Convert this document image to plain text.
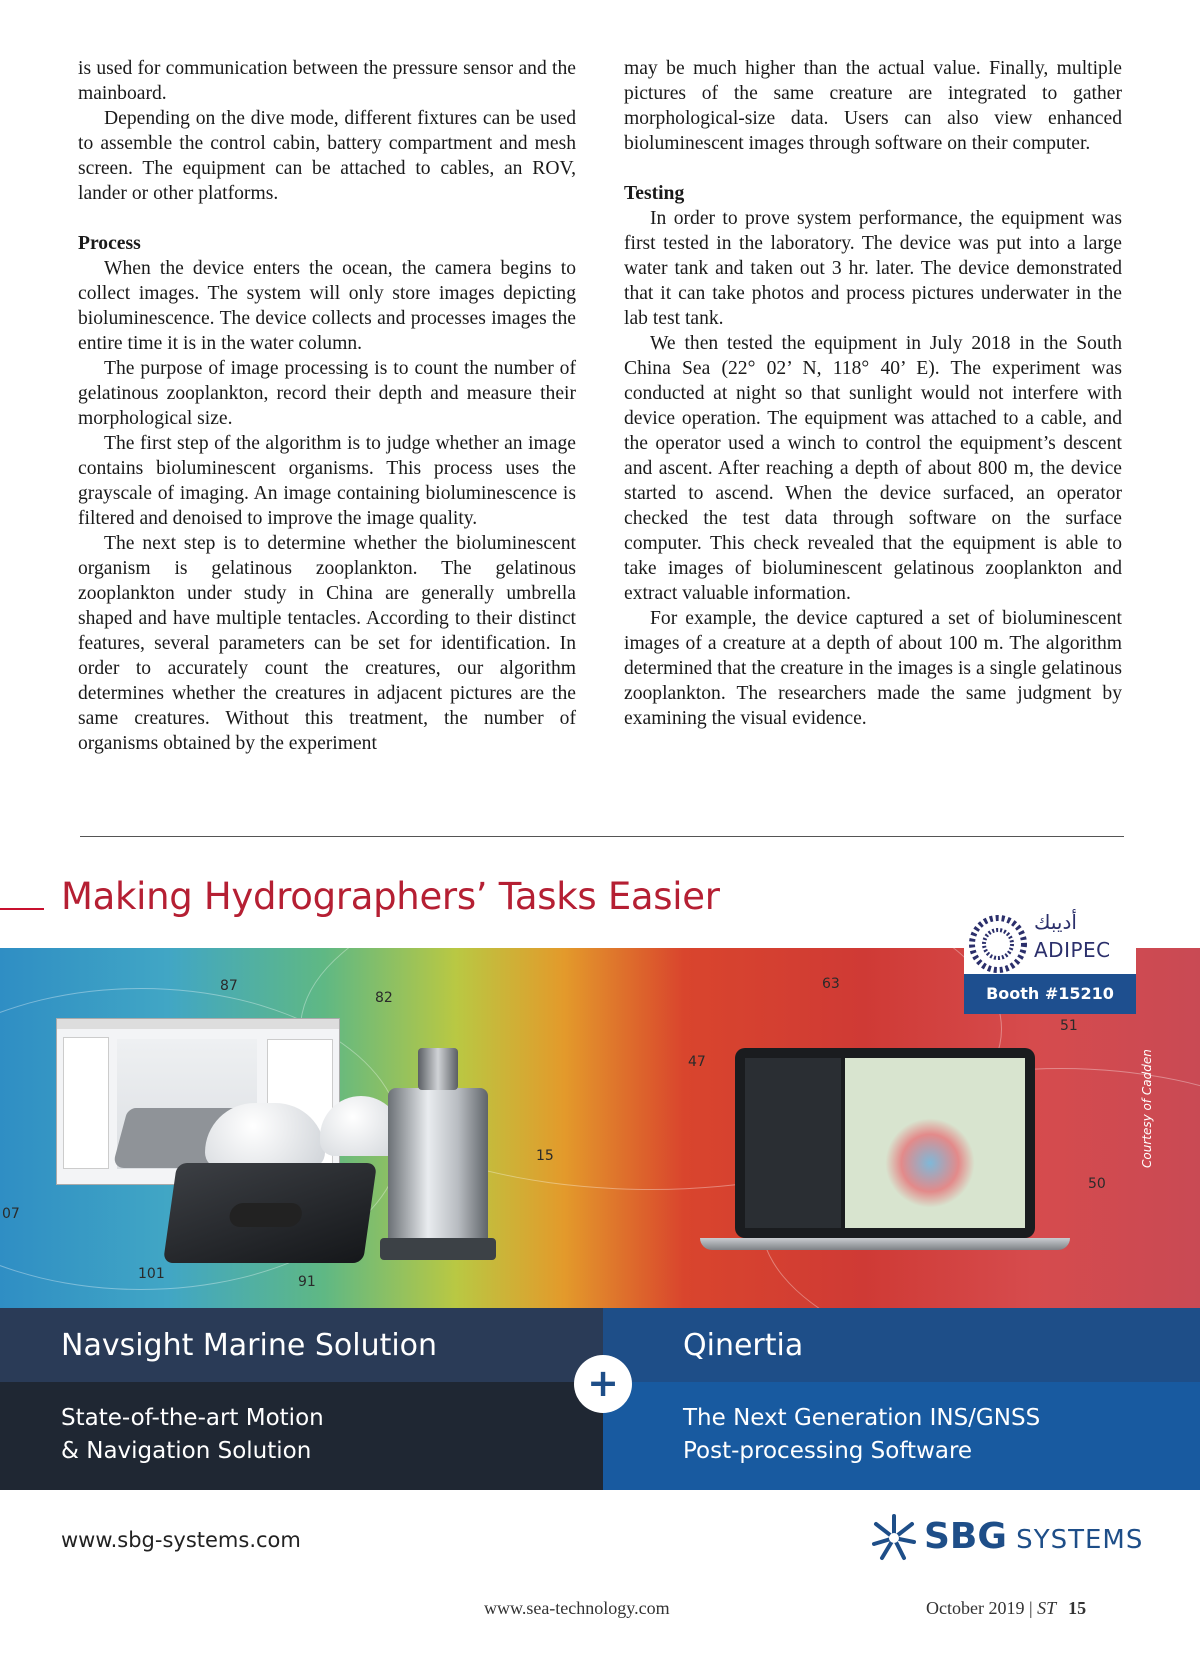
is used for communication between the pressure sensor and the mainboard.

Depending on the dive mode, different fixtures can be used to assemble the control cabin, battery compartment and mesh screen. The equipment can be attached to cables, an ROV, lander or other platforms.

Process

When the device enters the ocean, the camera begins to collect images. The system will only store images depicting bioluminescence. The device collects and processes images the entire time it is in the water column.

The purpose of image processing is to count the number of gelatinous zooplankton, record their depth and measure their morphological size.

The first step of the algorithm is to judge whether an image contains bioluminescent organisms. This process uses the grayscale of imaging. An image containing bioluminescence is filtered and denoised to improve the image quality.

The next step is to determine whether the bioluminescent organism is gelatinous zooplankton. The gelatinous zooplankton under study in China are generally umbrella shaped and have multiple tentacles. According to their distinct features, several parameters can be set for identification. In order to accurately count the creatures, our algorithm determines whether the creatures in adjacent pictures are the same creatures. Without this treatment, the number of organisms obtained by the experiment

may be much higher than the actual value. Finally, multiple pictures of the same creature are integrated to gather morphological-size data. Users can also view enhanced bioluminescent images through software on their computer.

Testing

In order to prove system performance, the equipment was first tested in the laboratory. The device was put into a large water tank and taken out 3 hr. later. The device demonstrated that it can take photos and process pictures underwater in the lab test tank.

We then tested the equipment in July 2018 in the South China Sea (22° 02’ N, 118° 40’ E). The experiment was conducted at night so that sunlight would not interfere with device operation. The equipment was attached to a cable, and the operator used a winch to control the equipment’s descent and ascent. After reaching a depth of about 800 m, the device started to ascend. When the device surfaced, an operator checked the test data through software on the surface computer. This check revealed that the equipment is able to take images of bioluminescent gelatinous zooplankton and extract valuable information.

For example, the device captured a set of bioluminescent images of a creature at a depth of about 100 m. The algorithm determined that the creature in the images is a single gelatinous zooplankton. The researchers made the same judgment by examining the visual evidence.

Making Hydrographers’ Tasks Easier
87
82
63
47
51
50
15
101	91
07
أديبك
ADIPEC
Booth #15210
Courtesy of Cadden
Navsight Marine Solution
State-of-the-art Motion
& Navigation Solution
Qinertia
The Next Generation INS/GNSS
Post-processing Software
+
www.sbg-systems.com	SBG SYSTEMS
www.sea-technology.com	October 2019 | ST 15
